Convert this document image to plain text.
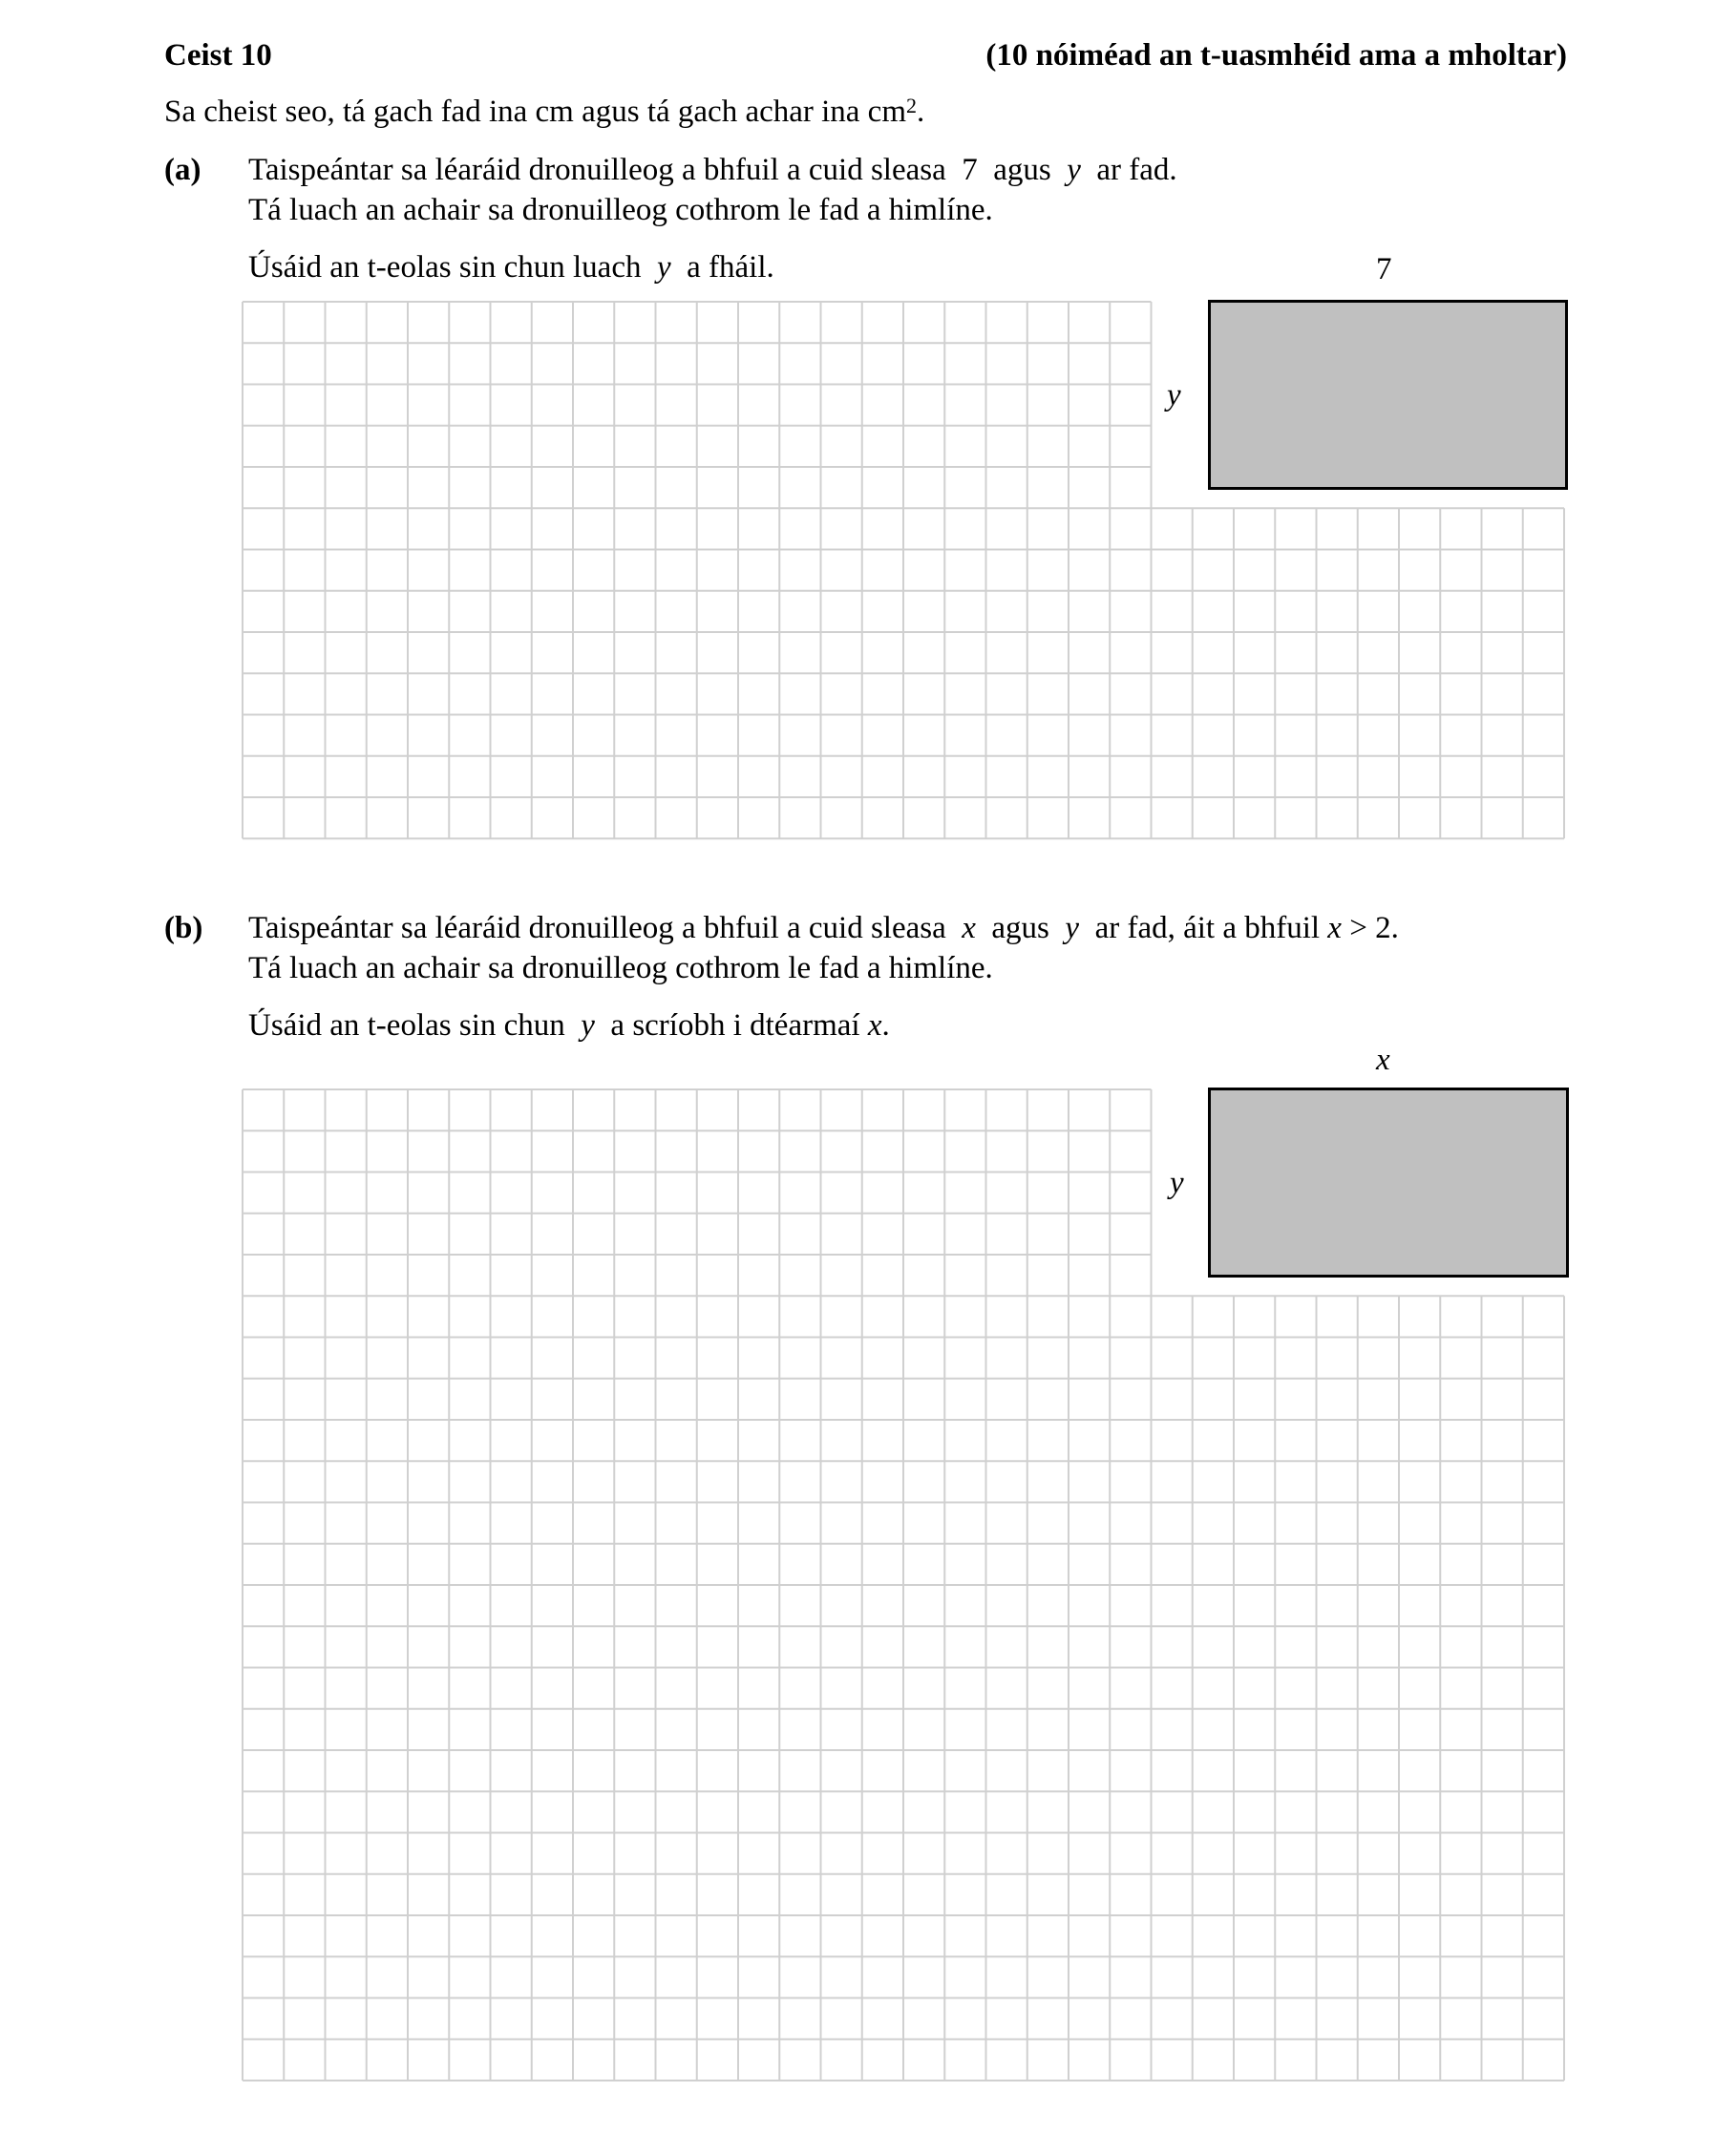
Ceist 10	(10 nóiméad an t-uasmhéid ama a mholtar)
Sa cheist seo, tá gach fad ina cm agus tá gach achar ina $cm^2$.
(a) Taispeántar sa léaráid dronuilleog a bhfuil a cuid sleasa 7 agus y ar fad.
Tá luach an achair sa dronuilleog cothrom le fad a himlíne.
Úsáid an t-eolas sin chun luach y a fháil.	7
y
(b) Taispeántar sa léaráid dronuilleog a bhfuil a cuid sleasa x agus y ar fad, áit a bhfuil x > 2.
Tá luach an achair sa dronuilleog cothrom le fad a himlíne.
Úsáid an t-eolas sin chun y a scríobh i dtéarmaí x.
x
y
